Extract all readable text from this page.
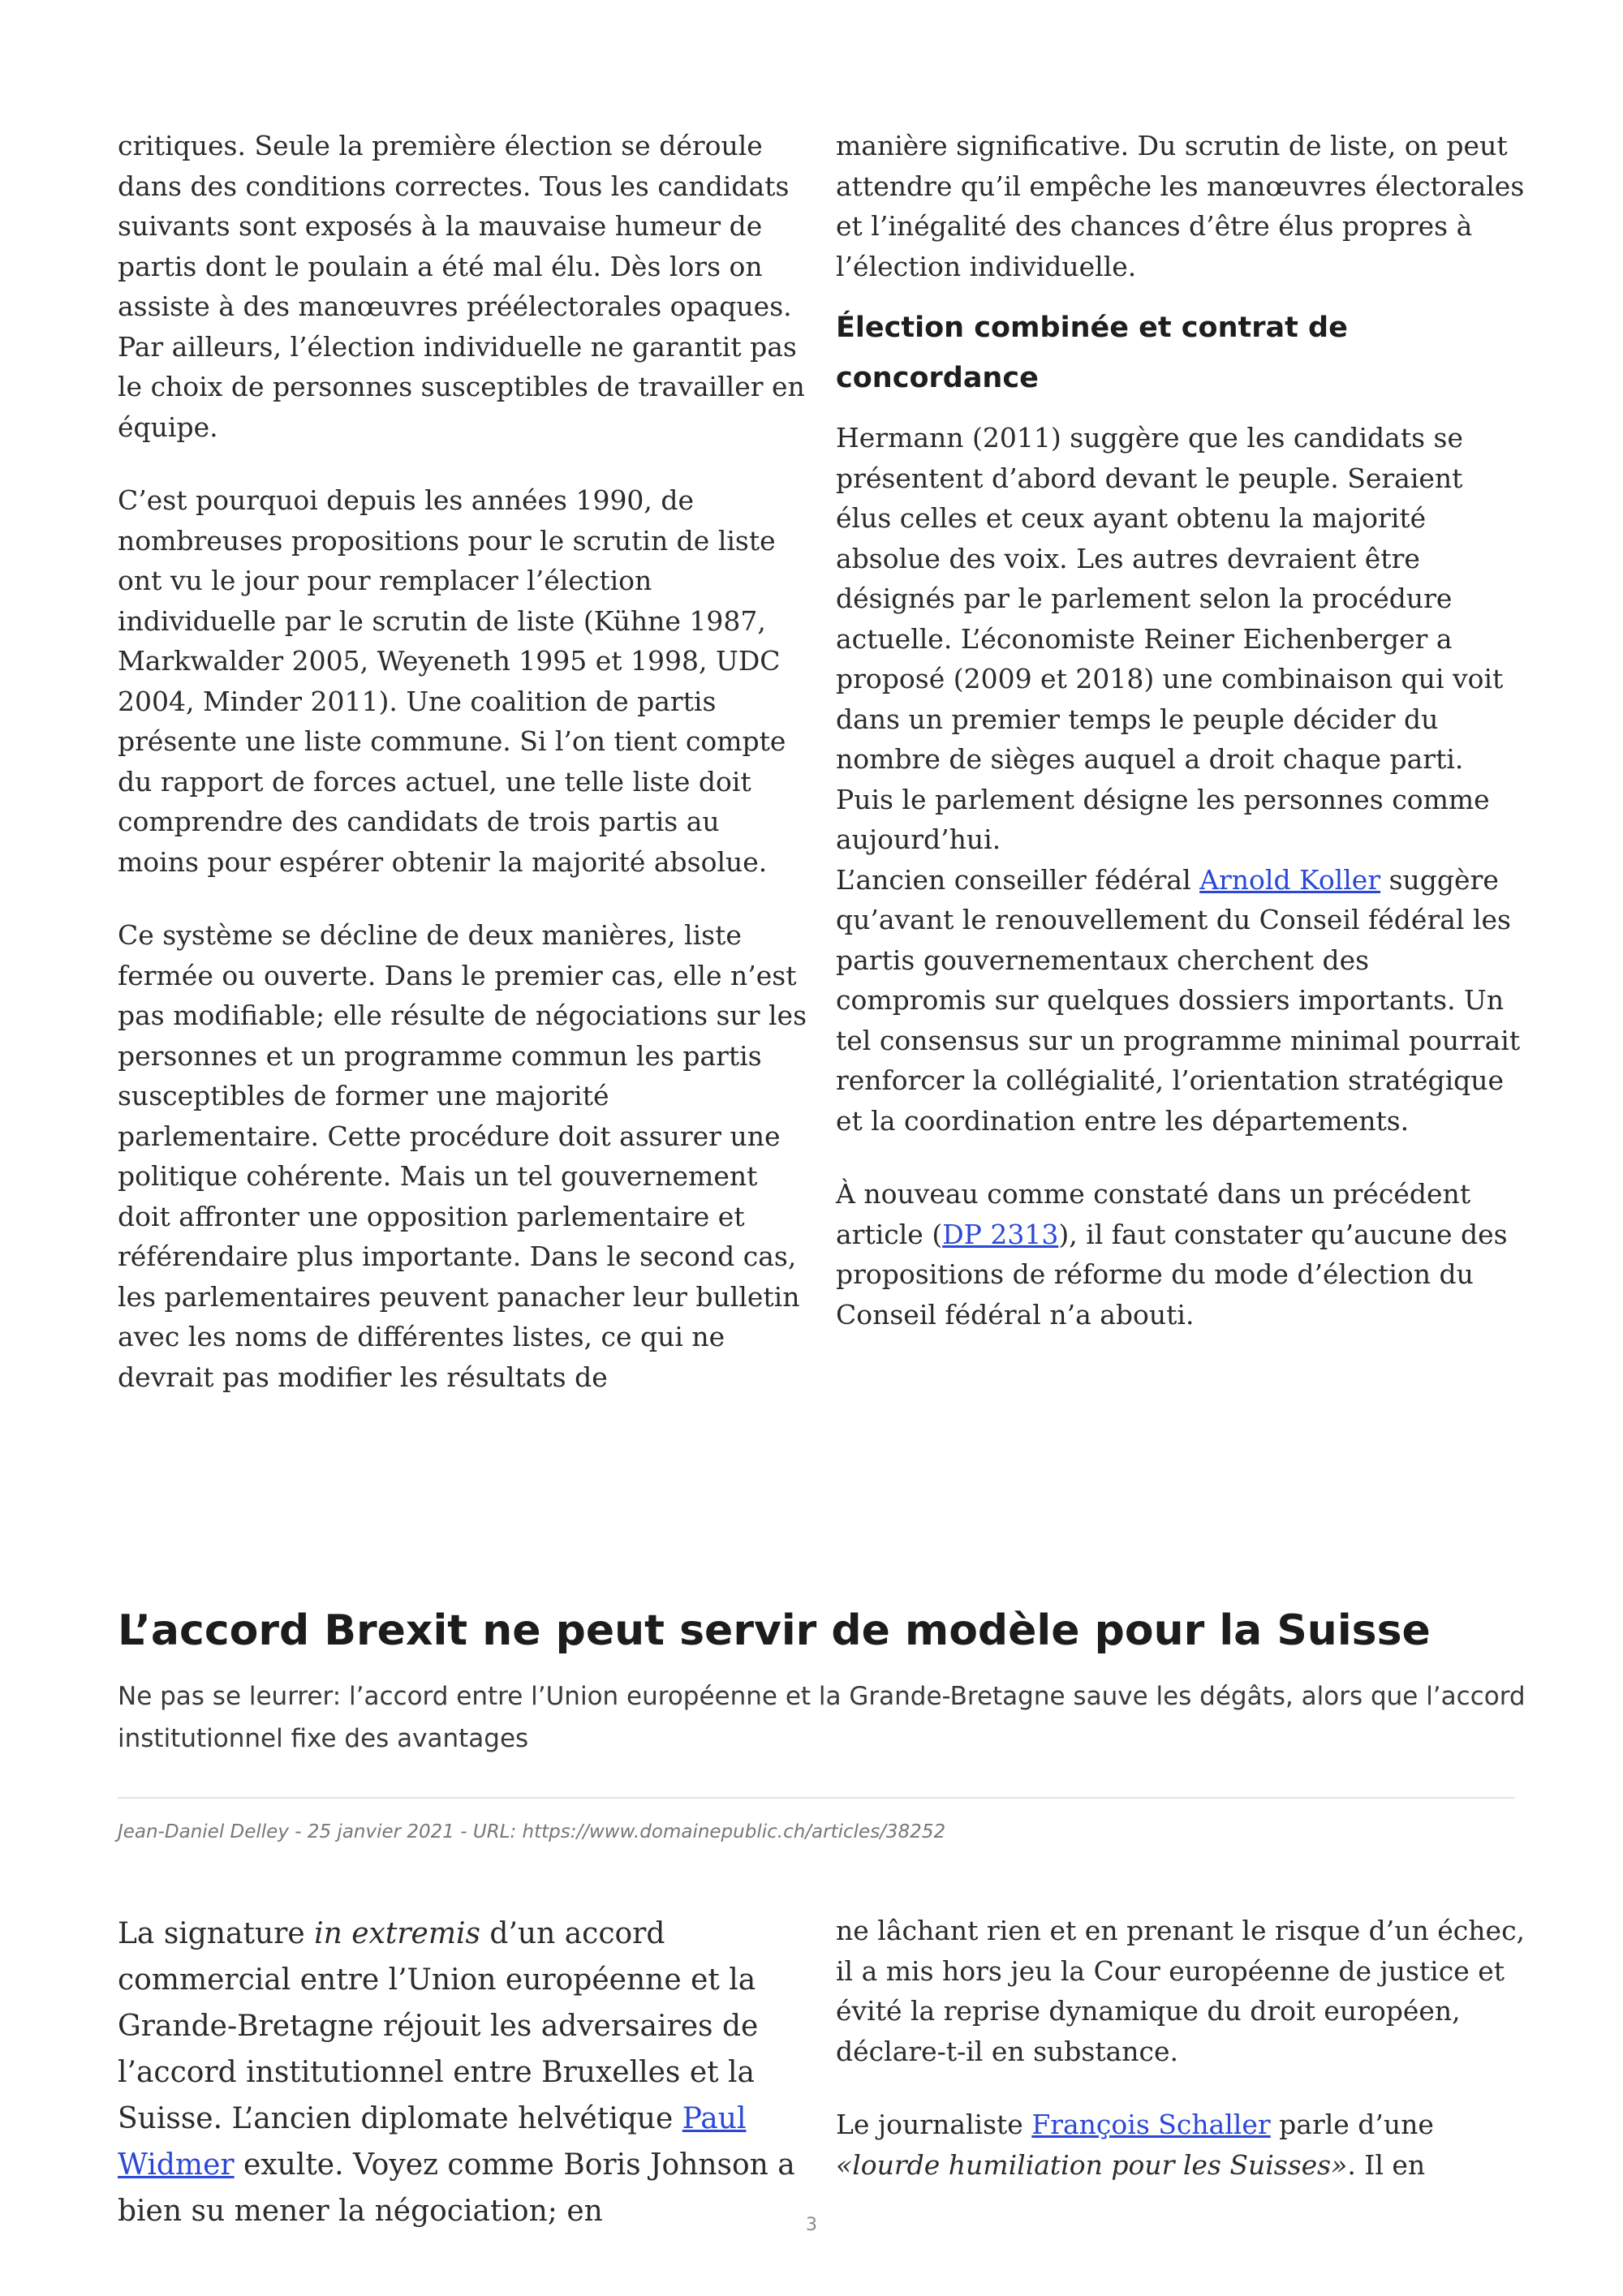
critiques. Seule la première élection se déroule dans des conditions correctes. Tous les candidats suivants sont exposés à la mauvaise humeur de partis dont le poulain a été mal élu. Dès lors on assiste à des manœuvres préélectorales opaques. Par ailleurs, l’élection individuelle ne garantit pas le choix de personnes susceptibles de travailler en équipe.

C’est pourquoi depuis les années 1990, de nombreuses propositions pour le scrutin de liste ont vu le jour pour remplacer l’élection individuelle par le scrutin de liste (Kühne 1987, Markwalder 2005, Weyeneth 1995 et 1998, UDC 2004, Minder 2011). Une coalition de partis présente une liste commune. Si l’on tient compte du rapport de forces actuel, une telle liste doit comprendre des candidats de trois partis au moins pour espérer obtenir la majorité absolue.

Ce système se décline de deux manières, liste fermée ou ouverte. Dans le premier cas, elle n’est pas modifiable; elle résulte de négociations sur les personnes et un programme commun les partis susceptibles de former une majorité parlementaire. Cette procédure doit assurer une politique cohérente. Mais un tel gouvernement doit affronter une opposition parlementaire et référendaire plus importante. Dans le second cas, les parlementaires peuvent panacher leur bulletin avec les noms de différentes listes, ce qui ne devrait pas modifier les résultats de

manière significative. Du scrutin de liste, on peut attendre qu’il empêche les manœuvres électorales et l’inégalité des chances d’être élus propres à l’élection individuelle.

Élection combinée et contrat de concordance

Hermann (2011) suggère que les candidats se présentent d’abord devant le peuple. Seraient élus celles et ceux ayant obtenu la majorité absolue des voix. Les autres devraient être désignés par le parlement selon la procédure actuelle. L’économiste Reiner Eichenberger a proposé (2009 et 2018) une combinaison qui voit dans un premier temps le peuple décider du nombre de sièges auquel a droit chaque parti. Puis le parlement désigne les personnes comme aujourd’hui.

L’ancien conseiller fédéral Arnold Koller suggère qu’avant le renouvellement du Conseil fédéral les partis gouvernementaux cherchent des compromis sur quelques dossiers importants. Un tel consensus sur un programme minimal pourrait renforcer la collégialité, l’orientation stratégique et la coordination entre les départements.

À nouveau comme constaté dans un précédent article (DP 2313), il faut constater qu’aucune des propositions de réforme du mode d’élection du Conseil fédéral n’a abouti.

L’accord Brexit ne peut servir de modèle pour la Suisse

Ne pas se leurrer: l’accord entre l’Union européenne et la Grande-Bretagne sauve les dégâts, alors que l’accord institutionnel fixe des avantages

Jean-Daniel Delley - 25 janvier 2021 - URL: https://www.domainepublic.ch/articles/38252

La signature in extremis d’un accord commercial entre l’Union européenne et la Grande-Bretagne réjouit les adversaires de l’accord institutionnel entre Bruxelles et la Suisse. L’ancien diplomate helvétique Paul Widmer exulte. Voyez comme Boris Johnson a bien su mener la négociation; en

ne lâchant rien et en prenant le risque d’un échec, il a mis hors jeu la Cour européenne de justice et évité la reprise dynamique du droit européen, déclare-t-il en substance.

Le journaliste François Schaller parle d’une «lourde humiliation pour les Suisses». Il en

3
